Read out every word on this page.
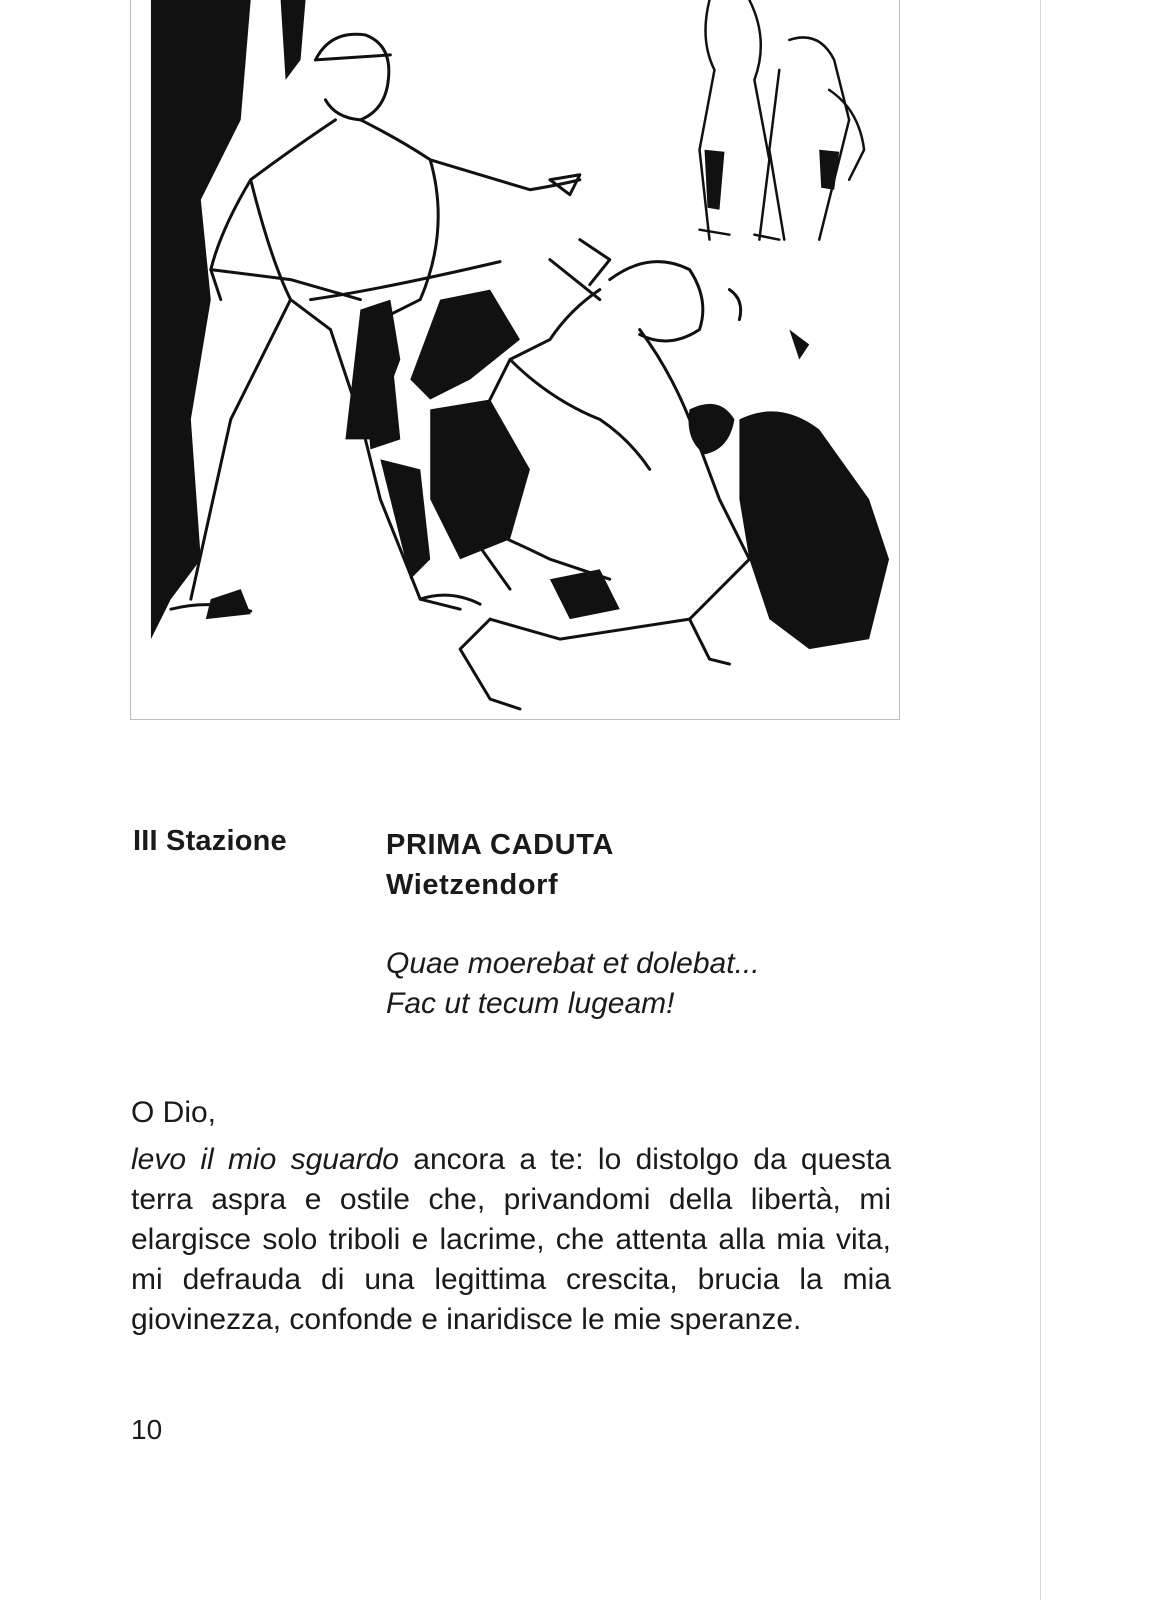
III Stazione	PRIMA CADUTA
Wietzendorf
Quae moerebat et dolebat...
Fac ut tecum lugeam!

O Dio,

levo il mio sguardo ancora a te: lo distolgo da questa terra aspra e ostile che, privandomi della libertà, mi elargisce solo triboli e lacrime, che attenta alla mia vita, mi defrauda di una legittima crescita, brucia la mia giovinezza, confonde e inaridisce le mie speranze.

10
